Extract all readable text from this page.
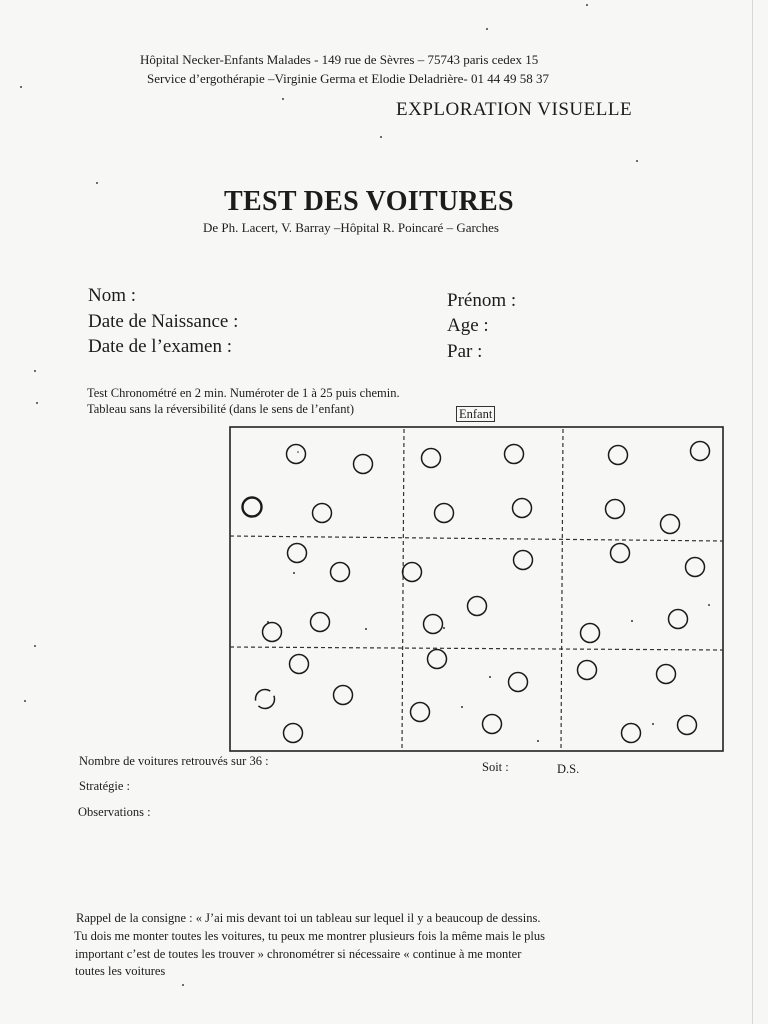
Hôpital Necker-Enfants Malades - 149 rue de Sèvres – 75743 paris cedex 15
Service d’ergothérapie –Virginie Germa et Elodie Deladrière- 01 44 49 58 37
EXPLORATION VISUELLE
TEST DES VOITURES
De Ph. Lacert, V. Barray –Hôpital R. Poincaré – Garches
Nom :
Date de Naissance :
Date de l’examen :
Prénom :
Age :
Par :
Test Chronométré en 2 min. Numéroter de 1 à 25 puis chemin.
Tableau sans la réversibilité (dans le sens de l’enfant)	Enfant
Nombre de voitures retrouvés sur 36 :	Soit :	D.S.
Stratégie :
Observations :
Rappel de la consigne : « J’ai mis devant toi un tableau sur lequel il y a beaucoup de dessins.
Tu dois me monter toutes les voitures, tu peux me montrer plusieurs fois la même mais le plus
important c’est de toutes les trouver » chronométrer si nécessaire « continue à me monter
toutes les voitures
